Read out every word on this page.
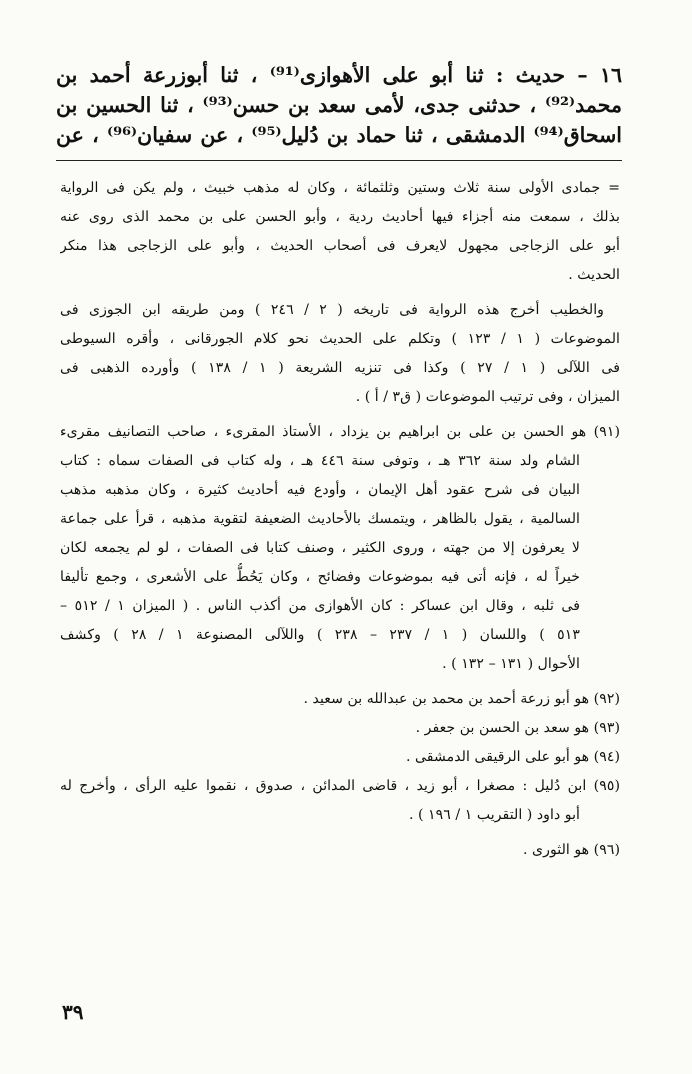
١٦ – حديث : ثنا أبو على الأهوازى⁽⁹¹⁾ ، ثنا أبوزرعة أحمد بن
محمد⁽⁹²⁾ ، حدثنى جدى، لأمى سعد بن حسن⁽⁹³⁾ ، ثنا الحسين بن
اسحاق⁽⁹⁴⁾ الدمشقى ، ثنا حماد بن دُليل⁽⁹⁵⁾ ، عن سفيان⁽⁹⁶⁾ ، عن
= جمادى الأولى سنة ثلاث وستين وثلثمائة ، وكان له مذهب خبيث ، ولم يكن فى الرواية
بذلك ، سمعت منه أجزاء فيها أحاديث ردية ، وأبو الحسن على بن محمد الذى روى عنه
أبو على الزجاجى مجهول لايعرف فى أصحاب الحديث ، وأبو على الزجاجى هذا منكر
الحديث .
والخطيب أخرج هذه الرواية فى تاريخه ( ٢ / ٢٤٦ ) ومن طريقه ابن الجوزى فى
الموضوعات ( ١ / ١٢٣ ) وتكلم على الحديث نحو كلام الجورقانى ، وأقره السيوطى
فى اللآلى ( ١ / ٢٧ ) وكذا فى تنزيه الشريعة ( ١ / ١٣٨ ) وأورده الذهبى فى
الميزان ، وفى ترتيب الموضوعات ( ق٣ / أ ) .
(٩١) هو الحسن بن على بن ابراهيم بن يزداد ، الأستاذ المقرىء ، صاحب التصانيف مقرىء
الشام ولد سنة ٣٦٢ هـ ، وتوفى سنة ٤٤٦ هـ ، وله كتاب فى الصفات سماه : كتاب
البيان فى شرح عقود أهل الإيمان ، وأودع فيه أحاديث كثيرة ، وكان مذهبه مذهب
السالمية ، يقول بالظاهر ، ويتمسك بالأحاديث الضعيفة لتقوية مذهبه ، قرأ على جماعة
لا يعرفون إلا من جهته ، وروى الكثير ، وصنف كتابا فى الصفات ، لو لم يجمعه لكان
خيراً له ، فإنه أتى فيه بموضوعات وفضائح ، وكان يَحُطُّ على الأشعرى ، وجمع تأليفا
فى ثلبه ، وقال ابن عساكر : كان الأهوازى من أكذب الناس . ( الميزان ١ / ٥١٢ –
٥١٣ ) واللسان ( ١ / ٢٣٧ – ٢٣٨ ) واللآلى المصنوعة ١ / ٢٨ ) وكشف
الأحوال ( ١٣١ – ١٣٢ ) .
(٩٢) هو أبو زرعة أحمد بن محمد بن عبدالله بن سعيد .
(٩٣) هو سعد بن الحسن بن جعفر .
(٩٤) هو أبو على الرقيقى الدمشقى .
(٩٥) ابن دُليل : مصغرا ، أبو زيد ، قاضى المدائن ، صدوق ، نقموا عليه الرأى ، وأخرج له
أبو داود ( التقريب ١ / ١٩٦ ) .
(٩٦) هو الثورى .
٣٩
